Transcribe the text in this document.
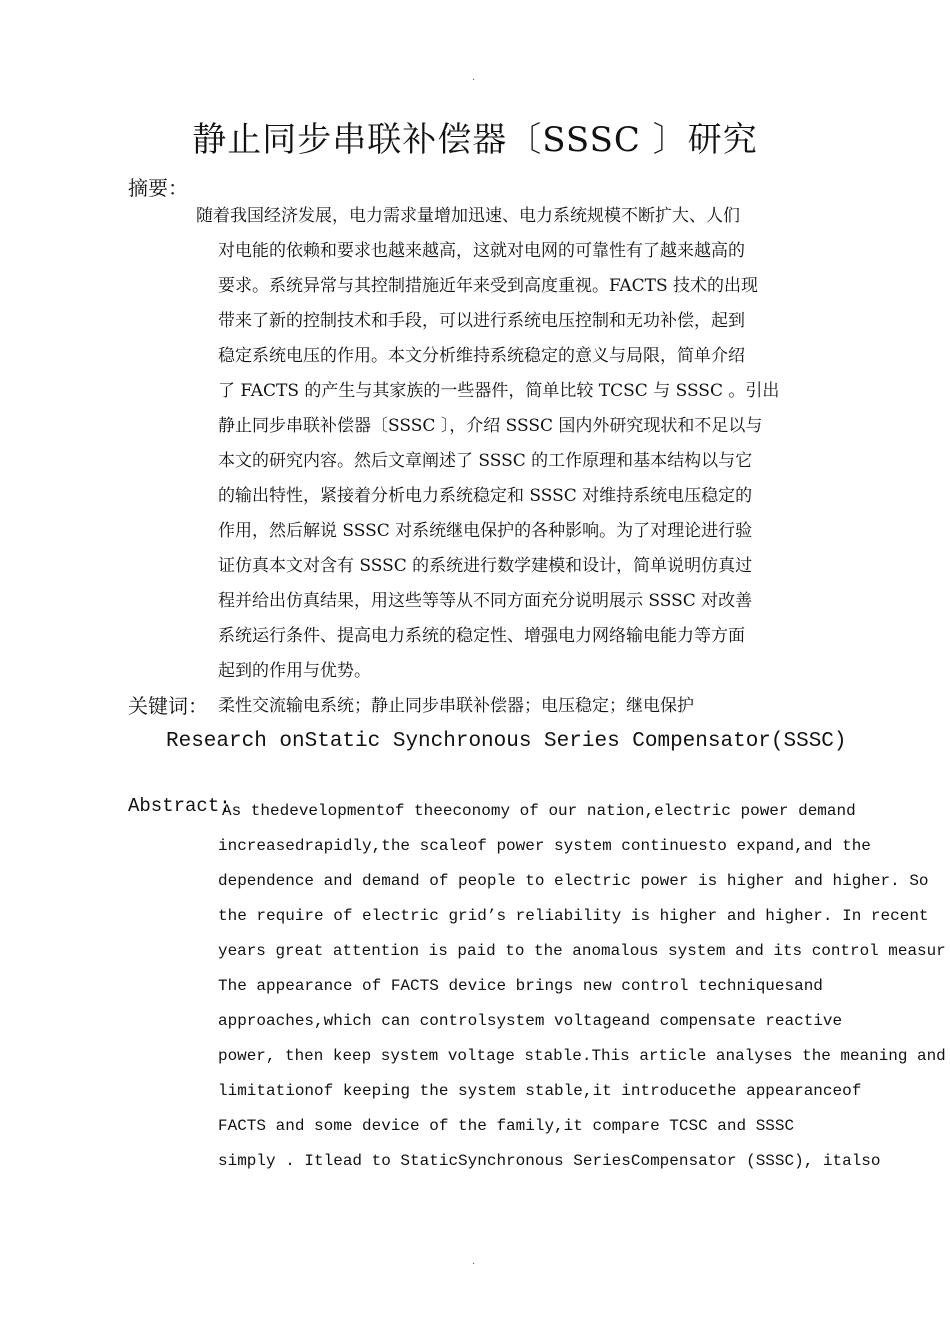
.
静止同步串联补偿器〔SSSC 〕研究
摘要：
随着我国经济发展，电力需求量增加迅速、电力系统规模不断扩大、人们
对电能的依赖和要求也越来越高，这就对电网的可靠性有了越来越高的
要求。系统异常与其控制措施近年来受到高度重视。FACTS 技术的出现
带来了新的控制技术和手段，可以进行系统电压控制和无功补偿，起到
稳定系统电压的作用。本文分析维持系统稳定的意义与局限，简单介绍
了 FACTS 的产生与其家族的一些器件，简单比较 TCSC 与 SSSC 。引出
静止同步串联补偿器〔SSSC 〕，介绍 SSSC 国内外研究现状和不足以与
本文的研究内容。然后文章阐述了 SSSC 的工作原理和基本结构以与它
的输出特性，紧接着分析电力系统稳定和 SSSC 对维持系统电压稳定的
作用，然后解说 SSSC 对系统继电保护的各种影响。为了对理论进行验
证仿真本文对含有 SSSC 的系统进行数学建模和设计，简单说明仿真过
程并给出仿真结果，用这些等等从不同方面充分说明展示 SSSC 对改善
系统运行条件、提高电力系统的稳定性、增强电力网络输电能力等方面
起到的作用与优势。
关键词： 柔性交流输电系统；静止同步串联补偿器；电压稳定；继电保护
Research onStatic Synchronous Series Compensator(SSSC)
Abstract:
As thedevelopmentof theeconomy of our nation,electric power demand
increasedrapidly,the scaleof power system continuesto expand,and the
dependence and demand of people to electric power is higher and higher. So
the require of electric grid’s reliability is higher and higher. In recent
years great attention is paid to the anomalous system and its control measur
The appearance of FACTS device brings new control techniquesand
approaches,which can controlsystem voltageand compensate reactive
power, then keep system voltage stable.This article analyses the meaning and
limitationof keeping the system stable,it introducethe appearanceof
FACTS and some device of the family,it compare TCSC and SSSC
simply . Itlead to StaticSynchronous SeriesCompensator (SSSC), italso
.
